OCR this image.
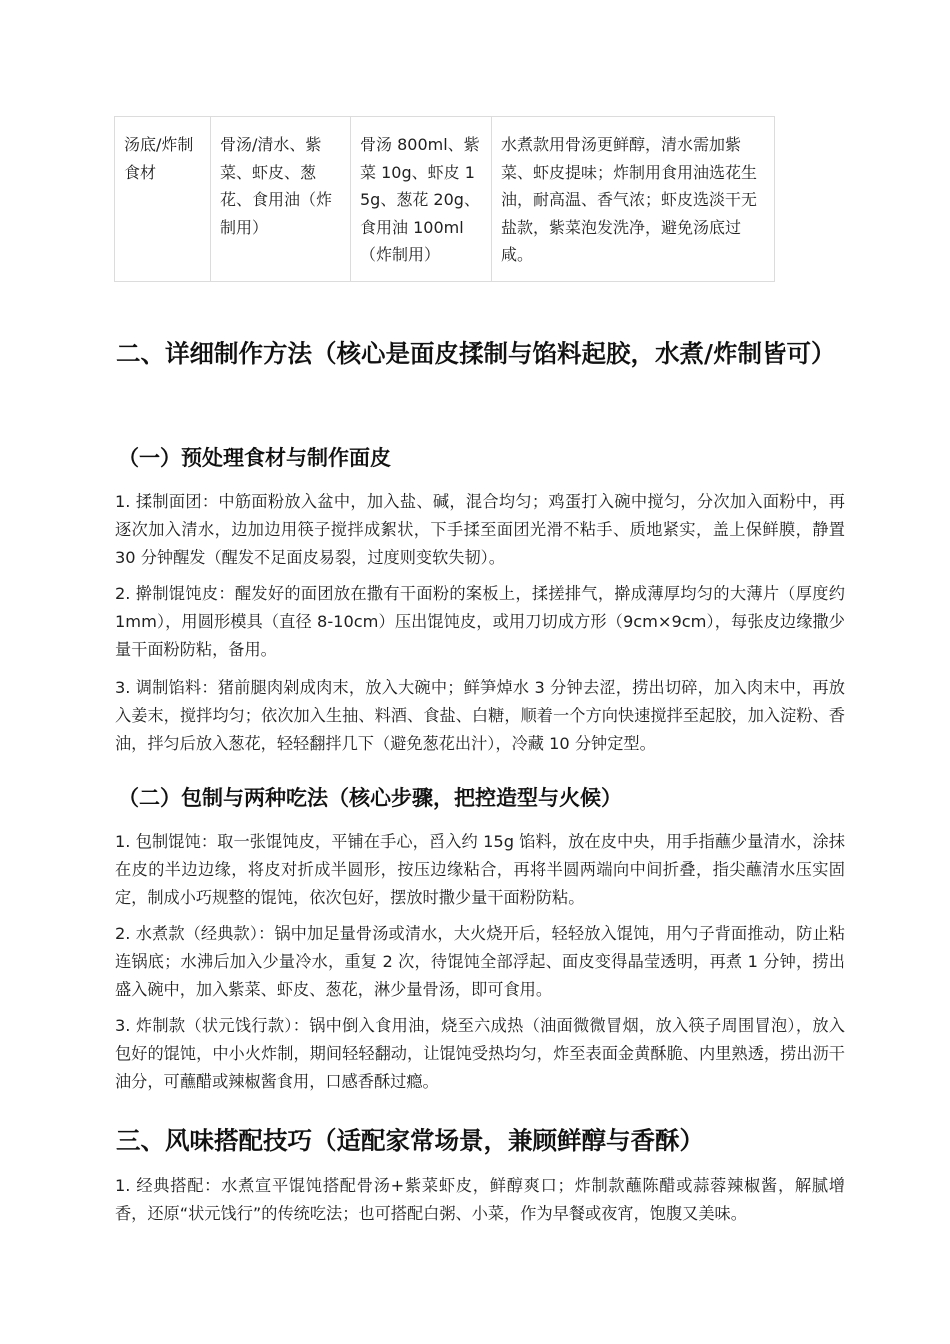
汤底/炸制食材	骨汤/清水、紫菜、虾皮、葱花、食用油（炸制用）	骨汤 800ml、紫菜 10g、虾皮 15g、葱花 20g、食用油 100ml（炸制用）	水煮款用骨汤更鲜醇，清水需加紫菜、虾皮提味；炸制用食用油选花生油，耐高温、香气浓；虾皮选淡干无盐款，紫菜泡发洗净，避免汤底过咸。
二、详细制作方法（核心是面皮揉制与馅料起胶，水煮/炸制皆可）
（一）预处理食材与制作面皮

1. 揉制面团：中筋面粉放入盆中，加入盐、碱，混合均匀；鸡蛋打入碗中搅匀，分次加入面粉中，再逐次加入清水，边加边用筷子搅拌成絮状，下手揉至面团光滑不粘手、质地紧实，盖上保鲜膜，静置 30 分钟醒发（醒发不足面皮易裂，过度则变软失韧）。

2. 擀制馄饨皮：醒发好的面团放在撒有干面粉的案板上，揉搓排气，擀成薄厚均匀的大薄片（厚度约 1mm），用圆形模具（直径 8-10cm）压出馄饨皮，或用刀切成方形（9cm×9cm），每张皮边缘撒少量干面粉防粘，备用。

3. 调制馅料：猪前腿肉剁成肉末，放入大碗中；鲜笋焯水 3 分钟去涩，捞出切碎，加入肉末中，再放入姜末，搅拌均匀；依次加入生抽、料酒、食盐、白糖，顺着一个方向快速搅拌至起胶，加入淀粉、香油，拌匀后放入葱花，轻轻翻拌几下（避免葱花出汁），冷藏 10 分钟定型。

（二）包制与两种吃法（核心步骤，把控造型与火候）

1. 包制馄饨：取一张馄饨皮，平铺在手心，舀入约 15g 馅料，放在皮中央，用手指蘸少量清水，涂抹在皮的半边边缘，将皮对折成半圆形，按压边缘粘合，再将半圆两端向中间折叠，指尖蘸清水压实固定，制成小巧规整的馄饨，依次包好，摆放时撒少量干面粉防粘。

2. 水煮款（经典款）：锅中加足量骨汤或清水，大火烧开后，轻轻放入馄饨，用勺子背面推动，防止粘连锅底；水沸后加入少量冷水，重复 2 次，待馄饨全部浮起、面皮变得晶莹透明，再煮 1 分钟，捞出盛入碗中，加入紫菜、虾皮、葱花，淋少量骨汤，即可食用。

3. 炸制款（状元饯行款）：锅中倒入食用油，烧至六成热（油面微微冒烟，放入筷子周围冒泡），放入包好的馄饨，中小火炸制，期间轻轻翻动，让馄饨受热均匀，炸至表面金黄酥脆、内里熟透，捞出沥干油分，可蘸醋或辣椒酱食用，口感香酥过瘾。

三、风味搭配技巧（适配家常场景，兼顾鲜醇与香酥）

1. 经典搭配：水煮宣平馄饨搭配骨汤+紫菜虾皮，鲜醇爽口；炸制款蘸陈醋或蒜蓉辣椒酱，解腻增香，还原“状元饯行”的传统吃法；也可搭配白粥、小菜，作为早餐或夜宵，饱腹又美味。
